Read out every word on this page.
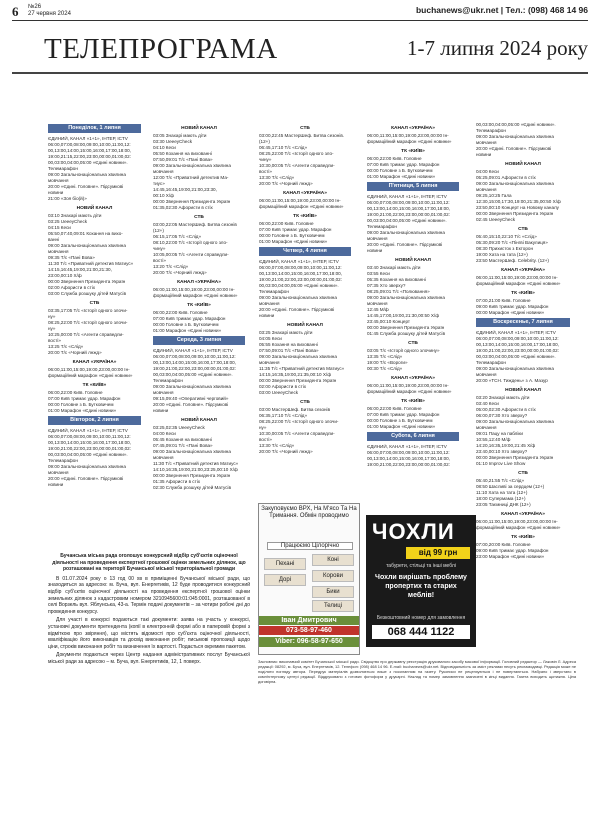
6 №26
27 червня 2024	buchanews@ukr.net | Тел.: (098) 468 14 96
ТЕЛЕПРОГРАМА	1-7 липня 2024 року
Понеділок, 1 липня
ЄДИНИЙ, КАНАЛ «1+1», ІНТЕР, ICTV
06:00,07:00,08:00,09:00,10:00,11:00,12:
00,13:00,14:00,15:00,16:00,17:00,18:00,
19:00,21:15,22:00,23:00,00:00,01:00,02:
00,03:00,04:00,05:00 «Єдині новини».
Телемарафон
09:00 Загальнонаціональна хвилина
мовчання
20:00 «Єдині. Головне». Підсумкові
новини
21:00 «Зоя біо(й)»
НОВИЙ КАНАЛ
03:10 Знахарі мають діти
03:25 UeeeyCheck
04:15 Кеси
05:50,07:40,09:01 Кохання на вихо-
ванні
09:00 Загальнонаціональна хвилина
мовчання
09:35 Т/с «Пані Вова»
11:30 Т/с «Приватний детектив Матиус»
14:15,16:45,19:00,21:00,21:30,
23:00,00:10 Х/ф
00:00 Звернення Президента Україн
02:00 Афористи в стіх
03:00 Служба розшуку дітей Матусів
СТБ
03:35,17:05 Т/с «Історії одного злочи-
ну»
08:25,22:00 Т/с «Історії одного злочи-
ну»
10:25,00:00 Т/с «Агенти справедли-
вості»
13:25 Т/с «Слід»
20:00 Т/с «Чорний лнжд»
КАНАЛ «УКРАЇНА»
06:00,11:00,15:00,19:00,23:00,00:00 Ін-
формаційний марафон «Єдині новини»
ТК «КИЇВ»
06:00,22:00 Київ. Головне
07:00 Київ тримає удар. Марафон
00:00 Головне з Б. Бутковичем
01:00 Марафон «Єдині новини»
Вівторок, 2 липня
ЄДИНИЙ, КАНАЛ «1+1», ІНТЕР, ICTV
06:00,07:00,08:00,09:00,10:00,11:00,12:
00,13:00,14:00,15:00,16:00,17:00,18:00,
19:00,21:00,22:00,23:00,00:00,01:00,02:
00,03:00,04:00,05:00 «Єдині новини».
Телемарафон
09:00 Загальнонаціональна хвилина
мовчання
20:00 «Єдині. Головне». Підсумкові
новини
НОВИЙ КАНАЛ
03:05 Знахарі мають діти
03:30 UeeeyCheck
04:10 Кеси
05:50 Кохання на вихованні
07:50,09:01 Т/с «Пані Вова»
09:00 Загальнонаціональна хвилина
мовчання
12:00 Т/с «Приватний детектив Ма-
тиус»
14:45,16:45,19:00,21:00,23:30,
00:10 Х/ф
00:00 Звернення Президента Україн
01:35,02:30 Афористи в стіх
СТБ
03:00,22:05 МастерШеф. Битва сезонів
(12+)
06:15,17:05 Т/с «Слід»
08:10,22:00 Т/с «Історії одного зло-
чину»
10:05,00:05 Т/с «Агенти справедли-
вості»
13:20 Т/с «Слід»
20:00 Т/с «Чорний лнжд»
КАНАЛ «УКРАЇНА»
06:00,11:00,15:00,19:00,23:00,00:00 Ін-
формаційний марафон «Єдині новини»
ТК «КИЇВ»
06:00,22:00 Київ. Головне
07:00 Київ тримає удар. Марафон
00:00 Головне з Б. Бутковичем
01:00 Марафон «Єдині новини»
Середа, 3 липня
ЄДИНИЙ, КАНАЛ «1+1», ІНТЕР, ICTV
06:00,07:00,08:00,09:00,10:00,11:00,12:
00,13:00,14:00,15:00,16:00,17:00,18:00,
19:00,21:00,22:00,23:00,00:00,01:00,02:
00,03:00,04:00,05:00 «Єдині новини».
Телемарафон
09:00 Загальнонаціональна хвилина
мовчання
09:15,09:40 «Оперативні черговий»
20:00 «Єдині. Головне». Підсумкові
новини
НОВИЙ КАНАЛ
03:25,02:35 UeeeyCheck
04:00 Кеси
05:45 Кохання на вихованні
07:45,09:01 Т/с «Пані Вова»
09:00 Загальнонаціональна хвилина
мовчання
11:30 Т/с «Приватний детектив Матиус»
14:10,16:35,19:00,21:00,23:25,00:10 Х/ф
00:00 Звернення Президента Україн
01:35 Афористи в стіх
02:30 Служба розшуку дітей Матусів
СТБ
03:00,22:45 МастерШеф. Битва сезонів.
(12+)
06:45,17:10 Т/с «Слід»
08:25,22:00 Т/с «Історії одного зло-
чину»
10:30,00:05 Т/с «Агенти справедли-
вості»
13:30 Т/с «Слід»
20:00 Т/с «Чорний лнжд»
КАНАЛ «УКРАЇНА»
06:00,11:00,15:00,19:00,23:00,00:00 Ін-
формаційний марафон «Єдині новини»
ТК «КИЇВ»
06:00,22:00 Київ. Головне
07:00 Київ тримає удар. Марафон
00:00 Головне з Б. Бутковичем
01:00 Марафон «Єдині новини»
Четвер, 4 липня
ЄДИНИЙ, КАНАЛ «1+1», ІНТЕР, ICTV
06:00,07:00,08:00,09:00,10:00,11:00,12:
00,13:00,14:00,15:00,16:00,17:00,18:00,
19:00,21:00,22:00,23:00,00:00,01:00,02:
00,03:00,04:00,05:00 «Єдині новини».
Телемарафон
09:00 Загальнонаціональна хвилина
мовчання
20:00 «Єдині. Головне». Підсумкові
новини
НОВИЙ КАНАЛ
03:25 Знахарі мають діти
04:05 Кеси
05:55 Кохання на вихованні
07:50,09:01 Т/с «Пані Вова»
09:00 Загальнонаціональна хвилина
мовчання
11:35 Т/с «Приватний детектив Матиус»
14:15,16:35,19:00,21:35,00:10 Х/ф
00:00 Звернення Президента Україн
02:00 Афористи в стіх
03:00 UeeeyCheck
СТБ
03:00 МастерШеф. Битва сезонів
06:35,17:10 Т/с «Слід»
08:25,22:00 Т/с «Історії одного злочи-
ну»
10:30,00:05 Т/с «Агенти справедли-
вості»
13:30 Т/с «Слід»
20:00 Т/с «Чорний лнжд»
КАНАЛ «УКРАЇНА»
06:00,11:00,15:00,19:00,23:00,00:00 Ін-
формаційний марафон «Єдині новини»
ТК «КИЇВ»
06:00,22:00 Київ. Головне
07:00 Київ тримає удар. Марафон
00:00 Головне з Б. Бутковичем
01:00 Марафон «Єдині новини»
П'ятниця, 5 липня
ЄДИНИЙ, КАНАЛ «1+1», ІНТЕР, ICTV
06:00,07:00,08:00,09:00,10:00,11:00,12:
00,13:00,14:00,15:00,16:00,17:00,18:00,
19:00,21:00,22:00,23:00,00:00,01:00,02:
00,03:00,04:00,05:00 «Єдині новини».
Телемарафон
09:00 Загальнонаціональна хвилина
мовчання
20:00 «Єдині. Головне». Підсумкові
новини
НОВИЙ КАНАЛ
03:40 Знахарі мають діти
03:55 Кеси
05:35 Кохання на вихованні
07:35 Хто зверху?
08:25,09:01 Т/с «Полювання»
09:00 Загальнонаціональна хвилина
мовчання
12:45 М/ф
14:45,17:00,19:00,21:30,00:50 Х/ф
23:45,00:10 Концерт
00:00 Звернення Президента Україн
01:45 Служба розшуку дітей Матусів
СТБ
03:05 Т/с «Історії одного злочину»
13:35 Т/с «Слід»
19:00 Т/с «Вороги»
00:30 Т/с «Слід»
КАНАЛ «УКРАЇНА»
06:00,11:00,15:00,19:00,23:00,00:00 Ін-
формаційний марафон «Єдині новини»
ТК «КИЇВ»
06:00,22:00 Київ. Головне
07:00 Київ тримає удар. Марафон
00:00 Головне з Б. Бутковичем
01:00 Марафон «Єдині новини»
Субота, 6 липня
ЄДИНИЙ, КАНАЛ «1+1», ІНТЕР, ICTV
06:00,07:00,08:00,09:00,10:00,11:00,12:
00,13:00,14:00,15:00,16:00,17:00,18:00,
19:00,21:00,22:00,23:00,00:00,01:00,02:
00,03:00,04:00,05:00 «Єдині новини».
Телемарафон
09:00 Загальнонаціональна хвилина
мовчання
20:00 «Єдині. Головне». Підсумкові
новини
НОВИЙ КАНАЛ
04:00 Кеси
05:25,09:01 Афористи в стіх
09:00 Загальнонаціональна хвилина
мовчання
09:25,10:25 Гала
12:30,15:00,17:30,19:00,21:35,00:50 Х/ф
23:50,00:10 Концерт на Новому каналу
00:00 Звернення Президента Україн
02:45 UeeeyCheck
СТБ
05:40,15:10,22:10 Т/с «Слід»
05:30,09:20 Т/с «Пінгві Вакулиця»
08:30 Прихисток з Екторон
19:00 Хата на тата (12+)
23:50 МастерШеф. Celebrity. (12+)
КАНАЛ «УКРАЇНА»
06:00,11:00,15:00,19:00,23:00,00:00 Ін-
формаційний марафон «Єдині новини»
ТК «КИЇВ»
07:00,21:00 Київ. Головне
09:00 Київ тримає удар. Марафон
00:00 Марафон «Єдині новини»
Воскресенье, 7 липня
ЄДИНИЙ, КАНАЛ «1+1», ІНТЕР, ICTV
06:00,07:00,08:00,09:00,10:00,11:00,12:
00,13:00,14:00,15:00,16:00,17:00,18:00,
19:00,21:00,22:00,23:00,00:00,01:00,02:
00,03:00,04:00,05:00 «Єдині новини».
Телемарафон
09:00 Загальнонаціональна хвилина
мовчання
20:00 «ТСН. Тиждень» з А. Мазур
НОВИЙ КАНАЛ
03:20 Знахарі мають діти
03:40 Кеси
05:00,02:30 Афористи в стіх
06:00,07:30 Хто зверху?
09:00 Загальнонаціональна хвилина
мовчання
09:01 Пацу на пабліки
10:55,12:40 М/ф
14:20,16:35,19:00,21:45 Х/ф
23:40,00:10 Хто зверху?
00:00 Звернення Президента Україн
01:10 Improv Live Show
СТБ
05:40,21:55 Т/с «Слід»
08:50 Шасливі за сердцем (12+)
11:10 Хата на тата (12+)
18:00 Супермама (12+)
23:05 Таємниці ДНК (12+)
КАНАЛ «УКРАЇНА»
06:00,11:00,15:00,19:00,23:00,00:00 Ін-
формаційний марафон «Єдині новини»
ТК «КИЇВ»
07:00,20:00 Київ. Головне
09:00 Київ тримає удар. Марафон
23:00 Марафон «Єдині новини»
Бучанська міська рада оголошує конкурсний відбір суб'єктів оціночної діяльності на проведення експертної грошової оцінки земельних ділянок, що розташовані на території Бучанської міської територіальної громади

В 01.07.2024 року о 13 год 00 хв в приміщенні Бучанської міської ради, що знаходиться за адресою: м. Буча, вул. Енергетиків, 12 буде проводитися конкурсний відбір суб'єктів оціночної діяльності на проведення експертної грошової оцінки земельних ділянок з кадастровим номером 3210945600:01:045:0001, розташованої в селі Ворзель вул. Яблунська, 43-а. Термін подачі документів – за чотири робочі дні до проведення конкурсу.

Для участі в конкурсі подаються такі документи: заява на участь у конкурсі, установчі документи претендента (копії в електронній формі або в паперовій формі з відміткою про звіряння), що містять відомості про суб'єкта оціночної діяльності, кваліфікацію його виконавців та досвід виконання робіт; письмові пропозиції щодо ціни, строків виконання робіт та визначення їх вартості. Подається окремим пакетом.

Документи подаються через Центр надання адміністративних послуг Бучанської міської ради за адресою – м. Буча, вул. Енергетиків, 12, 1 поверх.

Закуповуємо ВРХ, На М'ясо Та На Тримання. Обмін проводимо
Працюємо Цілорічно
Пехані
Коні
Дорі
Корови
Бики
Телиці
Іван Дмитрович
073-58-97-460
Viber: 096-58-97-650
ЧОХЛИ
від 99 грн
табурети, стільці та інші меблі
Чохли вирішать проблему пропертих та старих меблів!
Безкоштовний номер для замовлення
068 444 1122
Засновник: виконавчий комітет Бучанської міської ради. Свідоцтво про державну реєстрацію друкованого засобу масової інформації. Головний редактор — Лаковін Л. Адреса редакції: 08292, м. Буча, вул. Енергетиків, 12. Телефон: (098) 468 14 96. E-mail: buchanews@ukr.net. Відповідальність за зміст реклами несуть рекламодавці. Редакція може не поділяти погляду автора. Передрук матеріалів дозволяється лише з посиланням на газету. Рукописи не рецензуються і не повертаються. Набрано і зверстано в комп'ютерному центрі редакції. Віддруковано з готових фотоформ у друкарні. Наклад та номер замовлення зазначені в кінці видання. Газета виходить щотижня. Ціна договірна.
